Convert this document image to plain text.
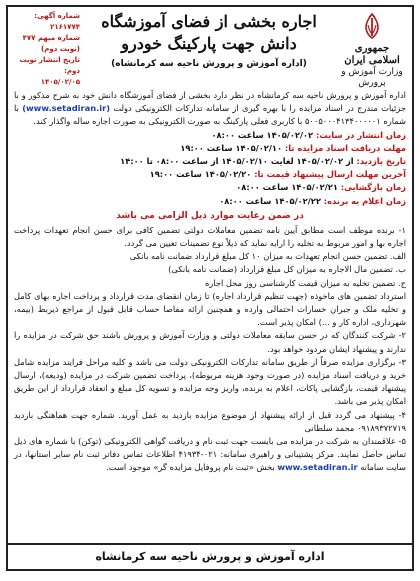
جمهوری اسلامی ایران
وزارت آموزش و پرورش
اجاره بخشی از فضای آموزشگاه
دانش جهت پارکینگ خودرو
(اداره آموزش و پرورش ناحیه سه کرمانشاه)
شماره آگهی: ۲۱۶۱۷۷۴
شماره مبهم ۴۷۷
(نوبت دوم)
تاریخ انتشار نوبت دوم:
۱۴۰۵/۰۲/۰۵

اداره آموزش و پرورش ناحیه سه کرمانشاه در نظر دارد بخشی از فضای آموزشگاه دانش خود به شرح مذکور و با جزئیات مندرج در اسناد مزایده را با بهره گیری از سامانه تدارکات الکترونیکی دولت (www.setadiran.ir) با شماره ۵۰۰۵۰۰۰۴۱۳۴۰۰۰۰۰۱ با کاربری فعلی پارکینگ به صورت الکترونیکی به صورت اجاره ساله واگذار کند.

زمان انتشار در سایت: ۱۴۰۵/۰۲/۰۲ ساعت ۰۸:۰۰

مهلت دریافت اسناد مزایده تا: ۱۴۰۵/۰۲/۱۰ ساعت ۱۹:۰۰

تاریخ بازدید: از ۱۴۰۵/۰۲/۰۲ لغایت ۱۴۰۵/۰۲/۱۰ از ساعت ۰۸:۰۰ تا ۱۴:۰۰

آخرین مهلت ارسال پیشنهاد قیمت تا: ۱۴۰۵/۰۲/۲۰ ساعت ۱۹:۰۰

زمان بازگشایی: ۱۴۰۵/۰۲/۲۱ ساعت ۰۸:۰۰

زمان اعلام به برنده: ۱۴۰۵/۰۲/۲۲ ساعت ۰۸:۰۰

در ضمن رعایت موارد ذیل الزامی می باشد

۱- برنده موظف است مطابق آیین نامه تضمین معاملات دولتی تضمین کافی برای حسن انجام تعهدات پرداخت اجاره بها و امور مربوط به تخلیه را ارایه نماید که ذیلاً نوع تضمینات تعیین می گردد.

الف. تضمین حسن انجام تعهدات به میزان ۱۰ کل مبلغ قرارداد ضمانت نامه بانکی

ب. تضمین مال الاجاره به میزان کل مبلغ قرارداد (ضمانت نامه بانکی)

ج. تضمین تخلیه به میزان قیمت کارشناسی روز محل اجاره

استرداد تضمین های ماخوذه (جهت تنظیم قرارداد اجاره) تا زمان انقضای مدت قرارداد و پرداخت اجاره بهای کامل و تخلیه ملک و جبران خسارات احتمالی وارده و همچنین ارائه مفاصا حساب قابل قبول از مراجع ذیربط (بیمه، شهرداری، اداره کار و ...) امکان پذیر است.

۲- شرکت کنندگان که در حسن سابقه معاملات دولتی و وزارت آموزش و پرورش باشند حق شرکت در مزایده را ندارند و پیشنهاد ایشان مردود خواهد بود.

۳- برگزاری مزایده صرفاً از طریق سامانه تدارکات الکترونیکی دولت می باشد و کلیه مراحل فرایند مزایده شامل خرید و دریافت اسناد مزایده (در صورت وجود هزینه مربوطه)، پرداخت تضمین شرکت در مزایده (ودیعه)، ارسال پیشنهاد قیمت، بازگشایی پاکات، اعلام به برنده، واریز وجه مزایده و تسویه کل مبلغ و انعقاد قرارداد از این طریق امکان پذیر می باشد.

۴- پیشنهاد می گردد قبل از ارائه پیشنهاد از موضوع مزایده بازدید به عمل آورید. شماره جهت هماهنگی بازدید ۰۹۱۸۹۳۷۲۷۱۹ محمد سلطانی

۵- علاقمندان به شرکت در مزایده می بایست جهت ثبت نام و دریافت گواهی الکترونیکی (توکن) با شماره های ذیل تماس حاصل نمایند. مرکز پشتیبانی و راهبری سامانه: ۰۲۱-۴۱۹۳۴ اطلاعات تماس دفاتر ثبت نام سایر استانها، در سایت سامانه www.setadiran.ir بخش «ثبت نام پروفایل مزایده گر» موجود است.

اداره آموزش و پرورش ناحیه سه کرمانشاه
